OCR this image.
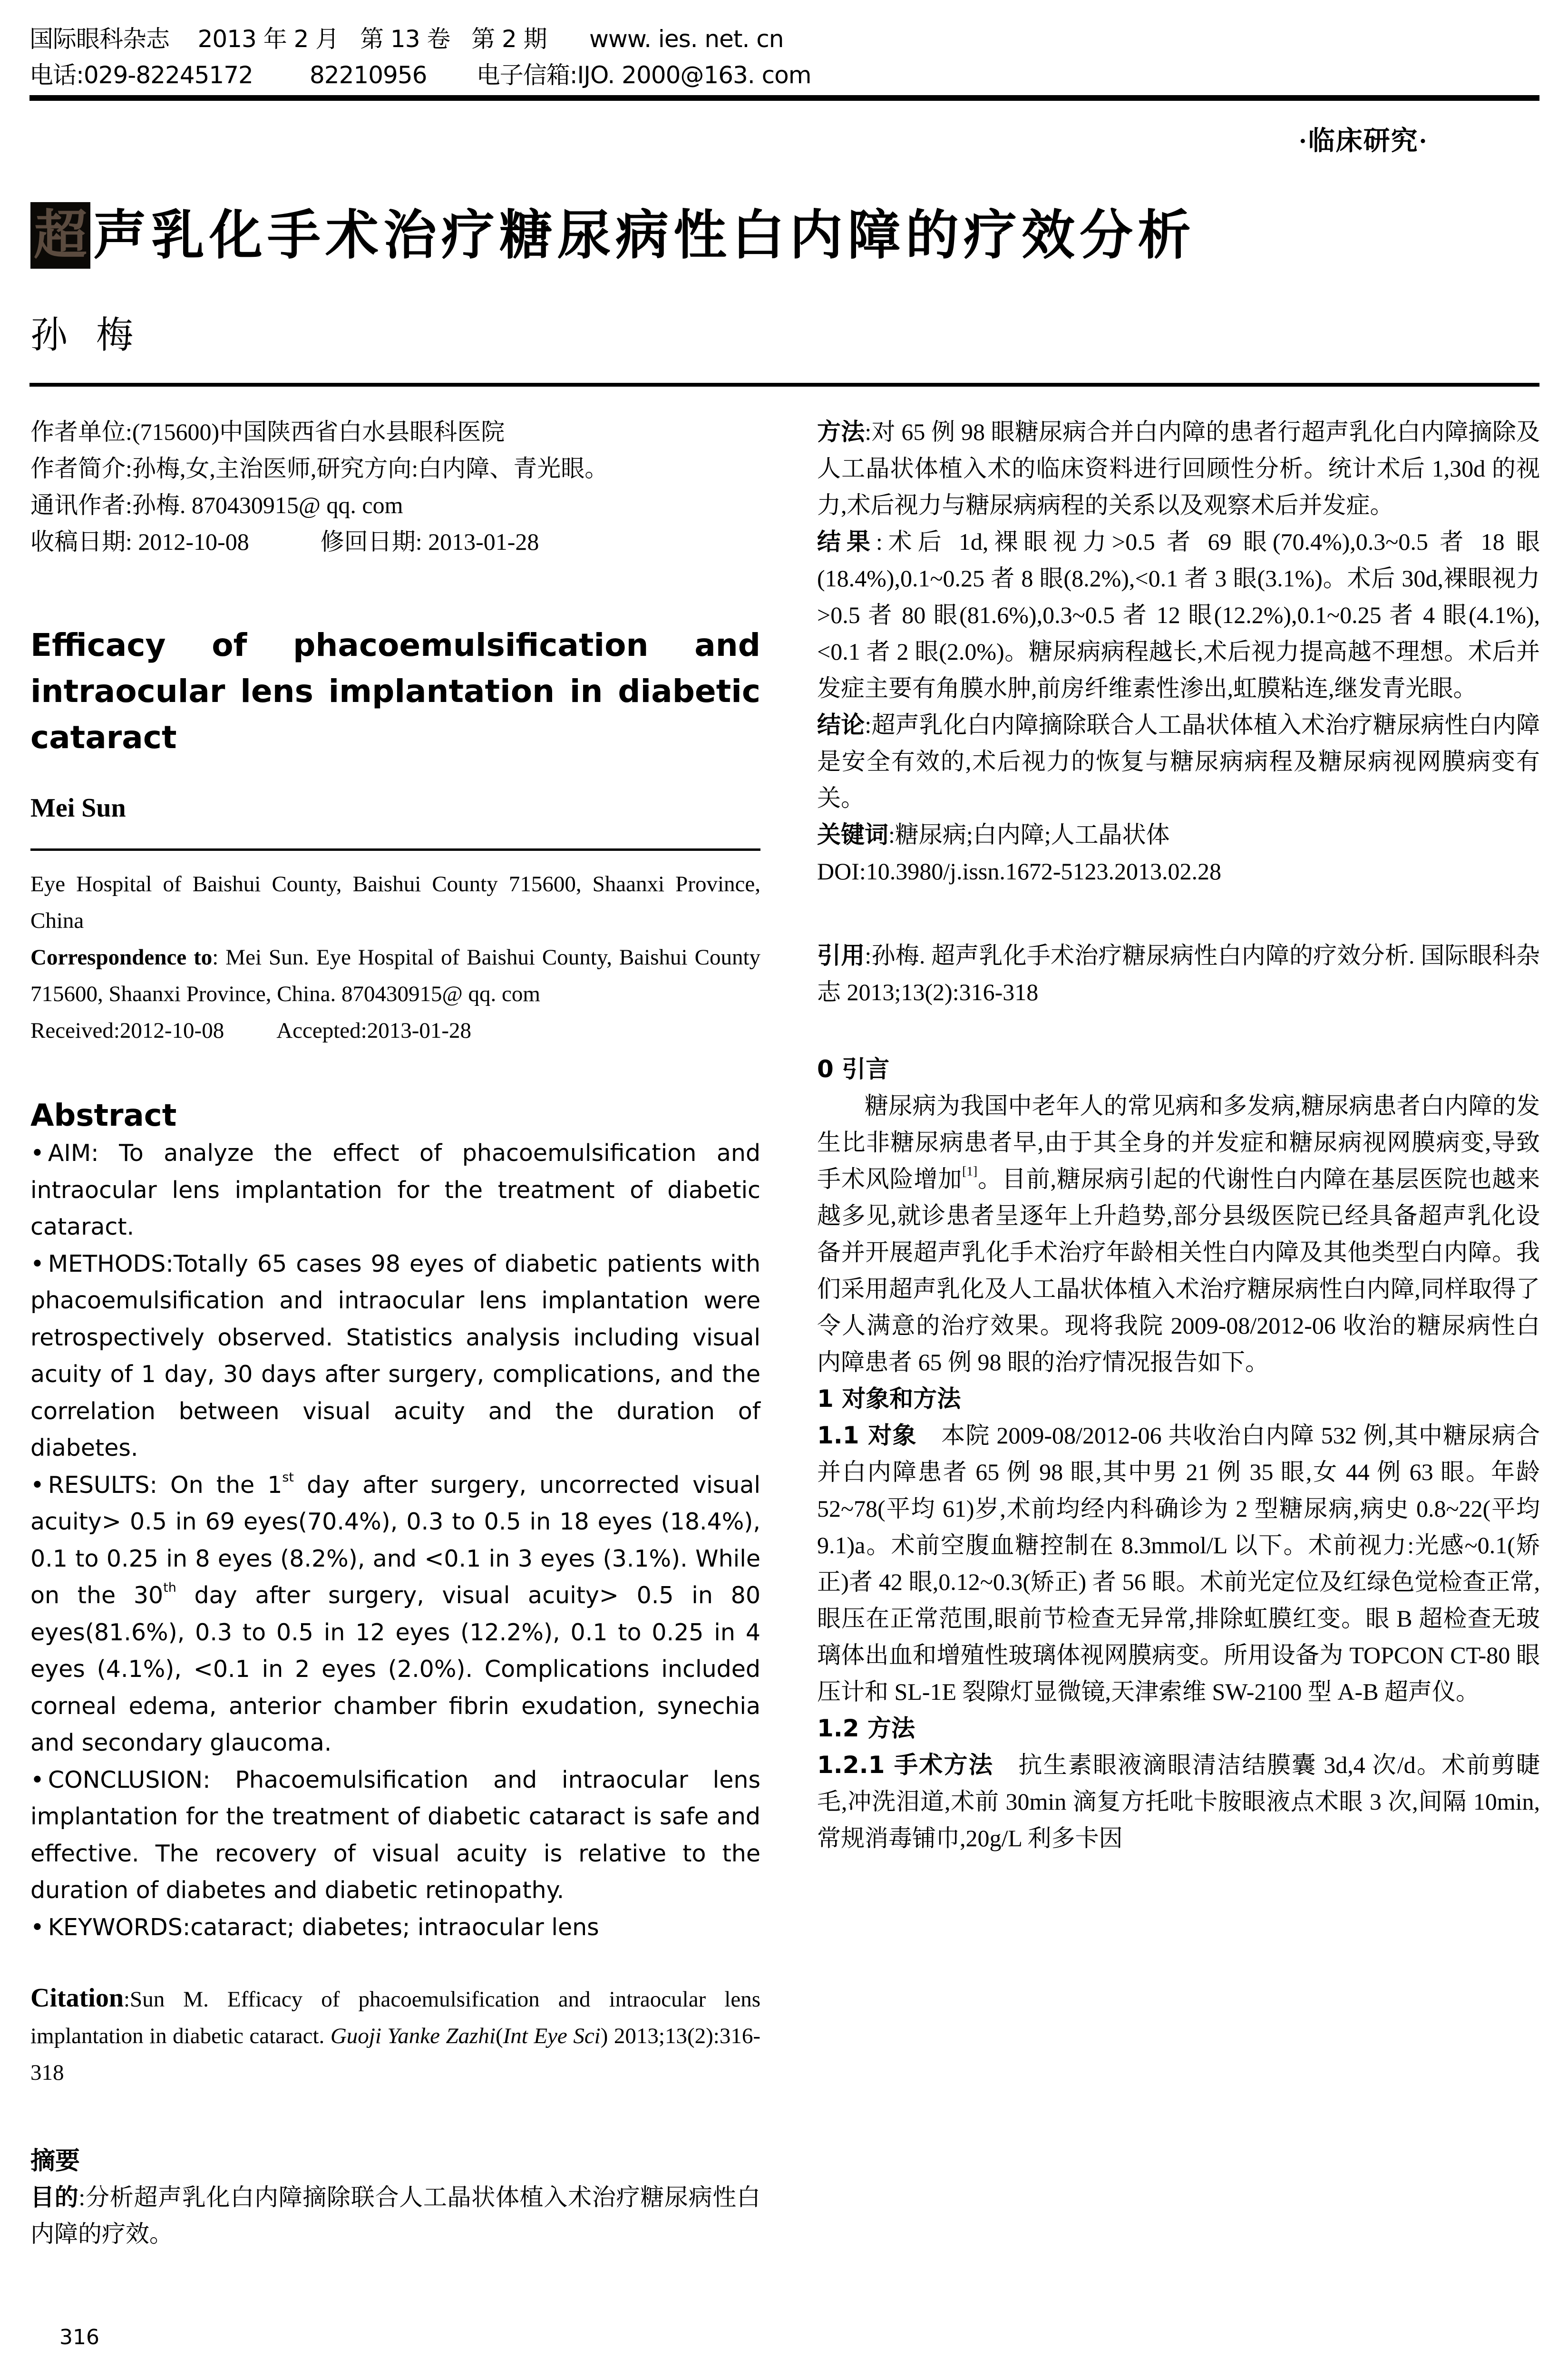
国际眼科杂志    2013 年 2 月   第 13 卷   第 2 期      www. ies. net. cn
电话:029-82245172        82210956       电子信箱:IJO. 2000@163. com
·临床研究·
超 声乳化手术治疗糖尿病性白内障的疗效分析
孙梅

作者单位:(715600)中国陕西省白水县眼科医院

作者简介:孙梅,女,主治医师,研究方向:白内障、青光眼。

通讯作者:孙梅. 870430915@ qq. com

收稿日期: 2012-10-08	修回日期: 2013-01-28

Efficacy of phacoemulsification and intraocular lens implantation in diabetic cataract
Mei Sun

Eye Hospital of Baishui County, Baishui County 715600, Shaanxi Province, China

Correspondence to: Mei Sun. Eye Hospital of Baishui County, Baishui County 715600, Shaanxi Province, China. 870430915@ qq. com

Received:2012-10-08 Accepted:2013-01-28

Abstract

• AIM: To analyze the effect of phacoemulsification and intraocular lens implantation for the treatment of diabetic cataract.

• METHODS:Totally 65 cases 98 eyes of diabetic patients with phacoemulsification and intraocular lens implantation were retrospectively observed. Statistics analysis including visual acuity of 1 day, 30 days after surgery, complications, and the correlation between visual acuity and the duration of diabetes.

• RESULTS: On the 1st day after surgery, uncorrected visual acuity> 0.5 in 69 eyes(70.4%), 0.3 to 0.5 in 18 eyes (18.4%), 0.1 to 0.25 in 8 eyes (8.2%), and <0.1 in 3 eyes (3.1%). While on the 30th day after surgery, visual acuity> 0.5 in 80 eyes(81.6%), 0.3 to 0.5 in 12 eyes (12.2%), 0.1 to 0.25 in 4 eyes (4.1%), <0.1 in 2 eyes (2.0%). Complications included corneal edema, anterior chamber fibrin exudation, synechia and secondary glaucoma.

• CONCLUSION: Phacoemulsification and intraocular lens implantation for the treatment of diabetic cataract is safe and effective. The recovery of visual acuity is relative to the duration of diabetes and diabetic retinopathy.

• KEYWORDS:cataract; diabetes; intraocular lens

Citation:Sun M. Efficacy of phacoemulsification and intraocular lens implantation in diabetic cataract. Guoji Yanke Zazhi(Int Eye Sci) 2013;13(2):316-318

摘要

目的:分析超声乳化白内障摘除联合人工晶状体植入术治疗糖尿病性白内障的疗效。

316

方法:对 65 例 98 眼糖尿病合并白内障的患者行超声乳化白内障摘除及人工晶状体植入术的临床资料进行回顾性分析。统计术后 1,30d 的视力,术后视力与糖尿病病程的关系以及观察术后并发症。

结果:术后 1d,裸眼视力>0.5 者 69 眼(70.4%),0.3~0.5 者 18 眼(18.4%),0.1~0.25 者 8 眼(8.2%),<0.1 者 3 眼(3.1%)。术后 30d,裸眼视力>0.5 者 80 眼(81.6%),0.3~0.5 者 12 眼(12.2%),0.1~0.25 者 4 眼(4.1%),<0.1 者 2 眼(2.0%)。糖尿病病程越长,术后视力提高越不理想。术后并发症主要有角膜水肿,前房纤维素性渗出,虹膜粘连,继发青光眼。

结论:超声乳化白内障摘除联合人工晶状体植入术治疗糖尿病性白内障是安全有效的,术后视力的恢复与糖尿病病程及糖尿病视网膜病变有关。

关键词:糖尿病;白内障;人工晶状体

DOI:10.3980/j.issn.1672-5123.2013.02.28

引用:孙梅. 超声乳化手术治疗糖尿病性白内障的疗效分析. 国际眼科杂志 2013;13(2):316-318

0 引言

糖尿病为我国中老年人的常见病和多发病,糖尿病患者白内障的发生比非糖尿病患者早,由于其全身的并发症和糖尿病视网膜病变,导致手术风险增加[1]。目前,糖尿病引起的代谢性白内障在基层医院也越来越多见,就诊患者呈逐年上升趋势,部分县级医院已经具备超声乳化设备并开展超声乳化手术治疗年龄相关性白内障及其他类型白内障。我们采用超声乳化及人工晶状体植入术治疗糖尿病性白内障,同样取得了令人满意的治疗效果。现将我院 2009-08/2012-06 收治的糖尿病性白内障患者 65 例 98 眼的治疗情况报告如下。

1 对象和方法

1.1 对象 本院 2009-08/2012-06 共收治白内障 532 例,其中糖尿病合并白内障患者 65 例 98 眼,其中男 21 例 35 眼,女 44 例 63 眼。年龄 52~78(平均 61)岁,术前均经内科确诊为 2 型糖尿病,病史 0.8~22(平均 9.1)a。术前空腹血糖控制在 8.3mmol/L 以下。术前视力:光感~0.1(矫正)者 42 眼,0.12~0.3(矫正) 者 56 眼。术前光定位及红绿色觉检查正常,眼压在正常范围,眼前节检查无异常,排除虹膜红变。眼 B 超检查无玻璃体出血和增殖性玻璃体视网膜病变。所用设备为 TOPCON CT-80 眼压计和 SL-1E 裂隙灯显微镜,天津索维 SW-2100 型 A-B 超声仪。

1.2 方法

1.2.1 手术方法 抗生素眼液滴眼清洁结膜囊 3d,4 次/d。术前剪睫毛,冲洗泪道,术前 30min 滴复方托吡卡胺眼液点术眼 3 次,间隔 10min,常规消毒铺巾,20g/L 利多卡因
